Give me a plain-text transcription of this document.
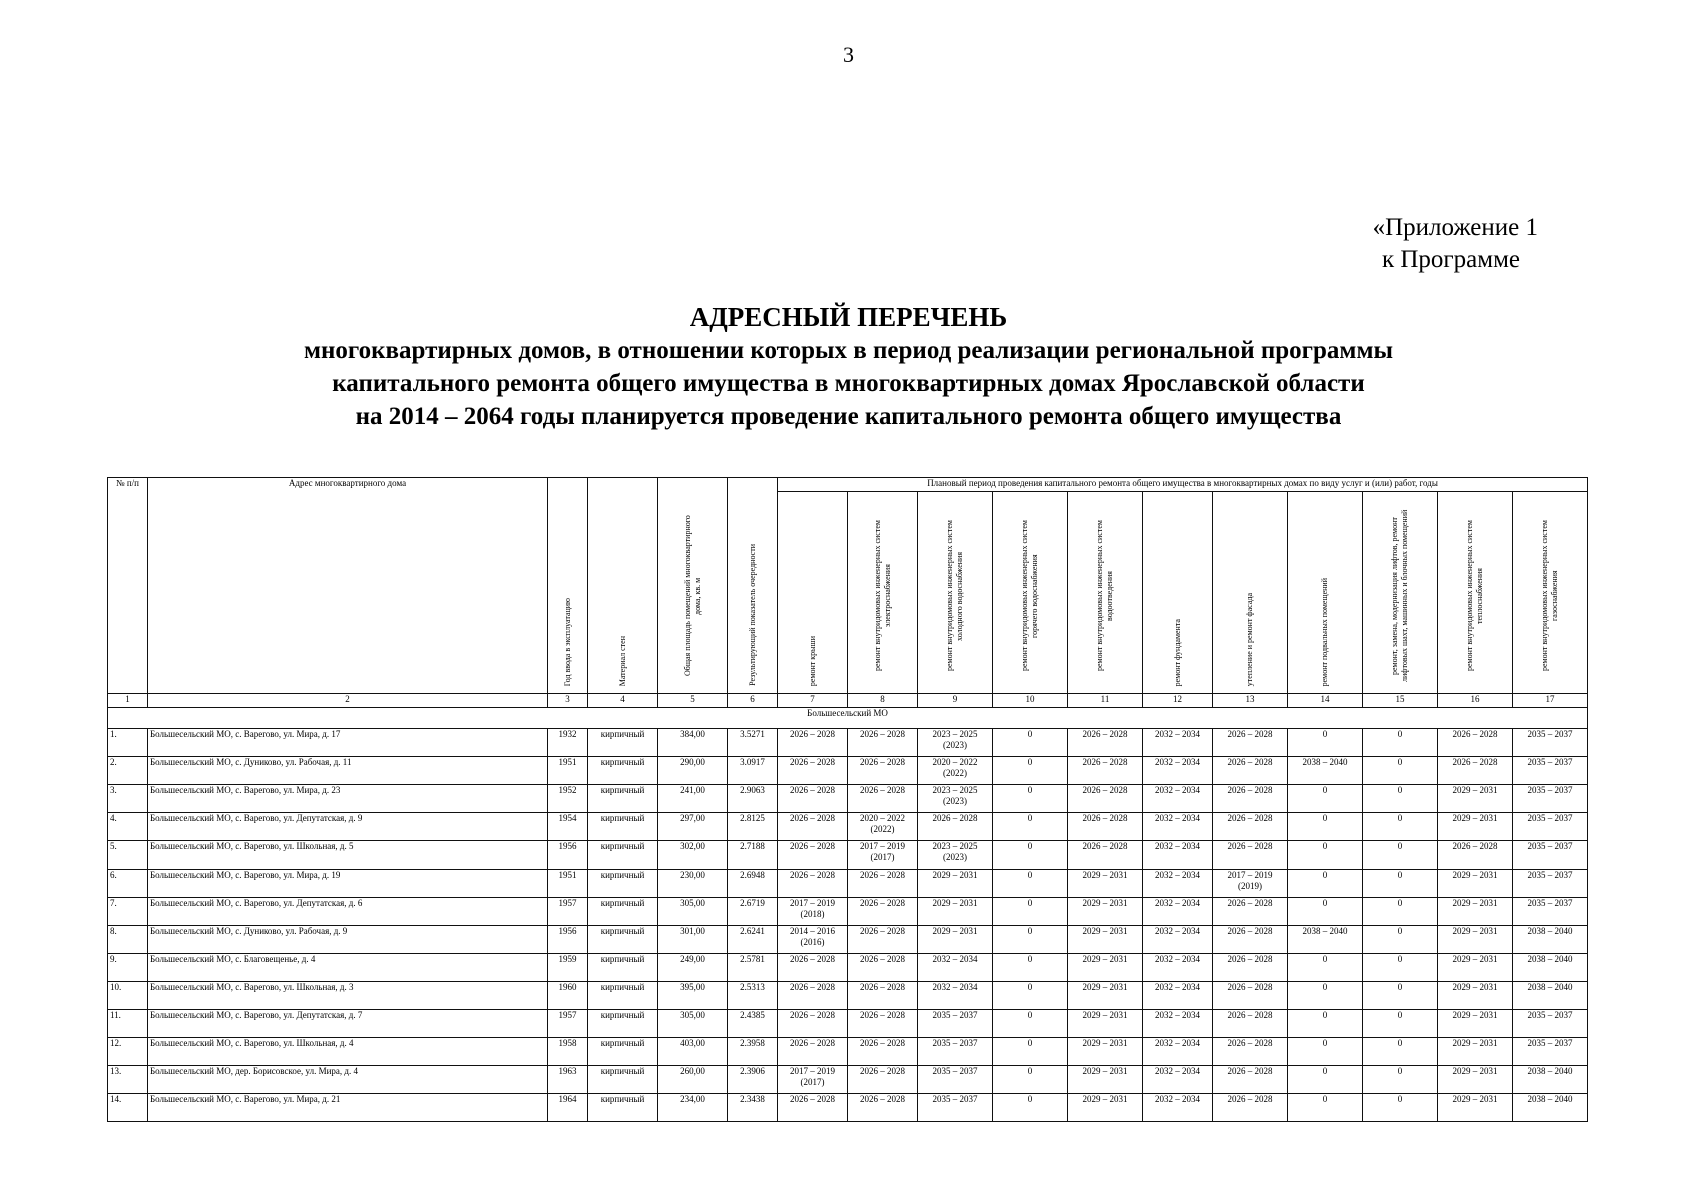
3
«Приложение 1
к Программе
АДРЕСНЫЙ ПЕРЕЧЕНЬ
многоквартирных домов, в отношении которых в период реализации региональной программы
капитального ремонта общего имущества в многоквартирных домах Ярославской области
на 2014 – 2064 годы планируется проведение капитального ремонта общего имущества
№ п/п	Адрес многоквартирного дома	Год ввода в эксплуатацию	Материал стен	Общая площадь помещений многоквартирного дома, кв. м	Результирующий показатель очередности	Плановый период проведения капитального ремонта общего имущества в многоквартирных домах по виду услуг и (или) работ, годы										
						ремонт крыши	ремонт внутридомовых инженерных систем электроснабжения	ремонт внутридомовых инженерных систем холодного водоснабжения	ремонт внутридомовых инженерных систем горячего водоснабжения	ремонт внутридомовых инженерных систем водоотведения	ремонт фундамента	утепление и ремонт фасада	ремонт подвальных помещений	ремонт, замена, модернизация лифтов, ремонт лифтовых шахт, машинных и блочных помещений	ремонт внутридомовых инженерных систем теплоснабжения	ремонт внутридомовых инженерных систем газоснабжения
1	2	3	4	5	6	7	8	9	10	11	12	13	14	15	16	17
Большесельский МО																
1.	Большесельский МО, с. Варегово, ул. Мира, д. 17	1932	кирпичный	384,00	3.5271	2026 – 2028	2026 – 2028	2023 – 2025 (2023)	0	2026 – 2028	2032 – 2034	2026 – 2028	0	0	2026 – 2028	2035 – 2037
2.	Большесельский МО, с. Дуниково, ул. Рабочая, д. 11	1951	кирпичный	290,00	3.0917	2026 – 2028	2026 – 2028	2020 – 2022 (2022)	0	2026 – 2028	2032 – 2034	2026 – 2028	2038 – 2040	0	2026 – 2028	2035 – 2037
3.	Большесельский МО, с. Варегово, ул. Мира, д. 23	1952	кирпичный	241,00	2.9063	2026 – 2028	2026 – 2028	2023 – 2025 (2023)	0	2026 – 2028	2032 – 2034	2026 – 2028	0	0	2029 – 2031	2035 – 2037
4.	Большесельский МО, с. Варегово, ул. Депутатская, д. 9	1954	кирпичный	297,00	2.8125	2026 – 2028	2020 – 2022 (2022)	2026 – 2028	0	2026 – 2028	2032 – 2034	2026 – 2028	0	0	2029 – 2031	2035 – 2037
5.	Большесельский МО, с. Варегово, ул. Школьная, д. 5	1956	кирпичный	302,00	2.7188	2026 – 2028	2017 – 2019 (2017)	2023 – 2025 (2023)	0	2026 – 2028	2032 – 2034	2026 – 2028	0	0	2026 – 2028	2035 – 2037
6.	Большесельский МО, с. Варегово, ул. Мира, д. 19	1951	кирпичный	230,00	2.6948	2026 – 2028	2026 – 2028	2029 – 2031	0	2029 – 2031	2032 – 2034	2017 – 2019 (2019)	0	0	2029 – 2031	2035 – 2037
7.	Большесельский МО, с. Варегово, ул. Депутатская, д. 6	1957	кирпичный	305,00	2.6719	2017 – 2019 (2018)	2026 – 2028	2029 – 2031	0	2029 – 2031	2032 – 2034	2026 – 2028	0	0	2029 – 2031	2035 – 2037
8.	Большесельский МО, с. Дуниково, ул. Рабочая, д. 9	1956	кирпичный	301,00	2.6241	2014 – 2016 (2016)	2026 – 2028	2029 – 2031	0	2029 – 2031	2032 – 2034	2026 – 2028	2038 – 2040	0	2029 – 2031	2038 – 2040
9.	Большесельский МО, с. Благовещенье, д. 4	1959	кирпичный	249,00	2.5781	2026 – 2028	2026 – 2028	2032 – 2034	0	2029 – 2031	2032 – 2034	2026 – 2028	0	0	2029 – 2031	2038 – 2040
10.	Большесельский МО, с. Варегово, ул. Школьная, д. 3	1960	кирпичный	395,00	2.5313	2026 – 2028	2026 – 2028	2032 – 2034	0	2029 – 2031	2032 – 2034	2026 – 2028	0	0	2029 – 2031	2038 – 2040
11.	Большесельский МО, с. Варегово, ул. Депутатская, д. 7	1957	кирпичный	305,00	2.4385	2026 – 2028	2026 – 2028	2035 – 2037	0	2029 – 2031	2032 – 2034	2026 – 2028	0	0	2029 – 2031	2035 – 2037
12.	Большесельский МО, с. Варегово, ул. Школьная, д. 4	1958	кирпичный	403,00	2.3958	2026 – 2028	2026 – 2028	2035 – 2037	0	2029 – 2031	2032 – 2034	2026 – 2028	0	0	2029 – 2031	2035 – 2037
13.	Большесельский МО, дер. Борисовское, ул. Мира, д. 4	1963	кирпичный	260,00	2.3906	2017 – 2019 (2017)	2026 – 2028	2035 – 2037	0	2029 – 2031	2032 – 2034	2026 – 2028	0	0	2029 – 2031	2038 – 2040
14.	Большесельский МО, с. Варегово, ул. Мира, д. 21	1964	кирпичный	234,00	2.3438	2026 – 2028	2026 – 2028	2035 – 2037	0	2029 – 2031	2032 – 2034	2026 – 2028	0	0	2029 – 2031	2038 – 2040
